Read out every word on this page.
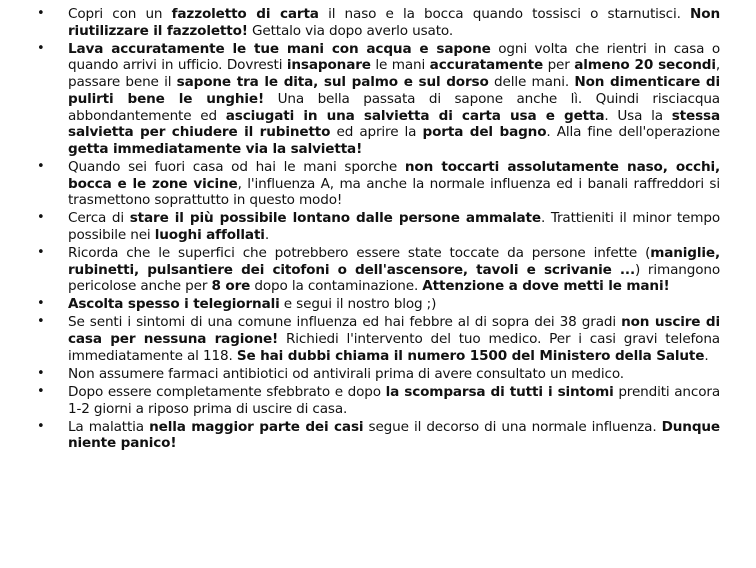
• Copri con un fazzoletto di carta il naso e la bocca quando tossisci o starnutisci. Non riutilizzare il fazzoletto! Gettalo via dopo averlo usato.
• Lava accuratamente le tue mani con acqua e sapone ogni volta che rientri in casa o quando arrivi in ufficio. Dovresti insaponare le mani accuratamente per almeno 20 secondi, passare bene il sapone tra le dita, sul palmo e sul dorso delle mani. Non dimenticare di pulirti bene le unghie! Una bella passata di sapone anche lì. Quindi risciacqua abbondantemente ed asciugati in una salvietta di carta usa e getta. Usa la stessa salvietta per chiudere il rubinetto ed aprire la porta del bagno. Alla fine dell'operazione getta immediatamente via la salvietta!
• Quando sei fuori casa od hai le mani sporche non toccarti assolutamente naso, occhi, bocca e le zone vicine, l'influenza A, ma anche la normale influenza ed i banali raffreddori si trasmettono soprattutto in questo modo!
• Cerca di stare il più possibile lontano dalle persone ammalate. Trattieniti il minor tempo possibile nei luoghi affollati.
• Ricorda che le superfici che potrebbero essere state toccate da persone infette (maniglie, rubinetti, pulsantiere dei citofoni o dell'ascensore, tavoli e scrivanie ...) rimangono pericolose anche per 8 ore dopo la contaminazione. Attenzione a dove metti le mani!
• Ascolta spesso i telegiornali e segui il nostro blog ;)
• Se senti i sintomi di una comune influenza ed hai febbre al di sopra dei 38 gradi non uscire di casa per nessuna ragione! Richiedi l'intervento del tuo medico. Per i casi gravi telefona immediatamente al 118. Se hai dubbi chiama il numero 1500 del Ministero della Salute.
• Non assumere farmaci antibiotici od antivirali prima di avere consultato un medico.
• Dopo essere completamente sfebbrato e dopo la scomparsa di tutti i sintomi prenditi ancora 1-2 giorni a riposo prima di uscire di casa.
• La malattia nella maggior parte dei casi segue il decorso di una normale influenza. Dunque niente panico!
